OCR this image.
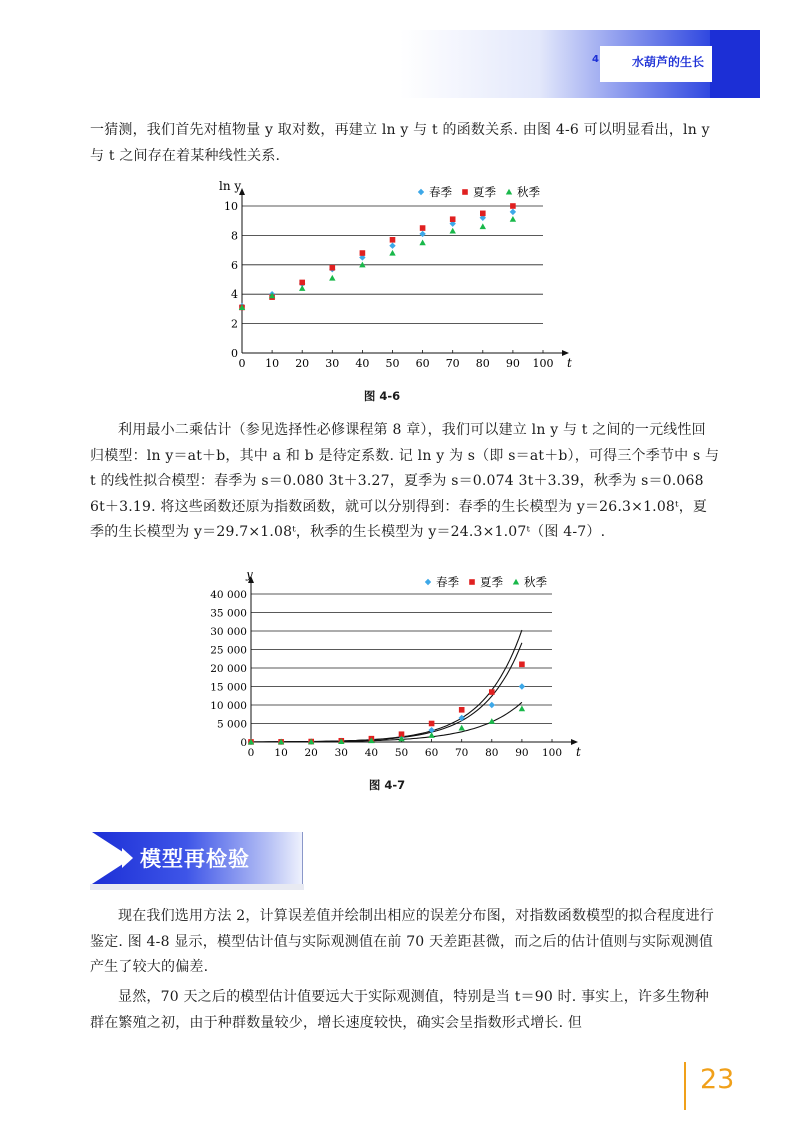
4	水葫芦的生长

一猜测，我们首先对植物量 y 取对数，再建立 ln y 与 t 的函数关系. 由图 4-6 可以明显看出，ln y 与 t 之间存在着某种线性关系.

0
2
4
6
8
10
0 10 20 30 40 50 60 70 80 90 100 t
ln y	春季 夏季 秋季
图 4-6

利用最小二乘估计（参见选择性必修课程第 8 章），我们可以建立 ln y 与 t 之间的一元线性回归模型：ln y＝at＋b，其中 a 和 b 是待定系数. 记 ln y 为 s（即 s＝at＋b），可得三个季节中 s 与 t 的线性拟合模型：春季为 s＝0.080 3t＋3.27，夏季为 s＝0.074 3t＋3.39，秋季为 s＝0.068 6t＋3.19. 将这些函数还原为指数函数，就可以分别得到：春季的生长模型为 y＝26.3×1.08ᵗ，夏季的生长模型为 y＝29.7×1.08ᵗ，秋季的生长模型为 y＝24.3×1.07ᵗ（图 4-7）.

0
5 000
10 000
15 000
20 000
25 000
30 000
35 000
40 000
0 10 20 30 40 50 60 70 80 90 100 t
y
春季 夏季 秋季
图 4-7
模型再检验

现在我们选用方法 2，计算误差值并绘制出相应的误差分布图，对指数函数模型的拟合程度进行鉴定. 图 4-8 显示，模型估计值与实际观测值在前 70 天差距甚微，而之后的估计值则与实际观测值产生了较大的偏差.

显然，70 天之后的模型估计值要远大于实际观测值，特别是当 t＝90 时. 事实上，许多生物种群在繁殖之初，由于种群数量较少，增长速度较快，确实会呈指数形式增长. 但

23
